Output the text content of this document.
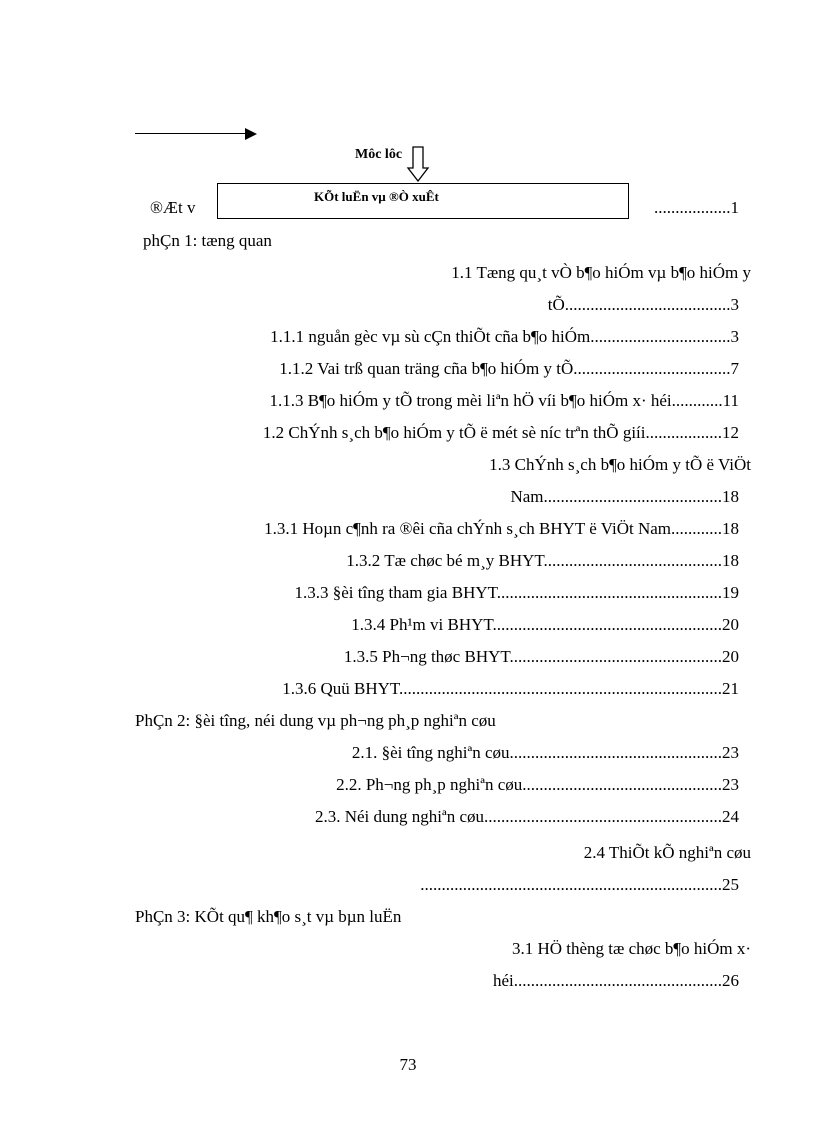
Môc lôc
®Æt v	..................1
phÇn 1: tæng quan
1.1 Tæng qu¸t vÒ b¶o hiÓm vµ b¶o hiÓm y
tÕ.......................................3
1.1.1 nguån gèc vµ sù cÇn thiÕt cña b¶o hiÓm.................................3
1.1.2 Vai trß quan träng cña b¶o hiÓm y tÕ.....................................7
1.1.3 B¶o hiÓm y tÕ trong mèi liªn hÖ víi b¶o hiÓm x· héi............11
1.2 ChÝnh s¸ch b¶o hiÓm y tÕ ë mét sè níc trªn thÕ giíi..................12
1.3 ChÝnh s¸ch b¶o hiÓm y tÕ ë ViÖt
Nam..........................................18
1.3.1 Hoµn c¶nh ra ®êi cña chÝnh s¸ch BHYT ë ViÖt Nam............18
1.3.2 Tæ chøc bé m¸y BHYT..........................................18
1.3.3 §èi tîng tham gia BHYT.....................................................19
1.3.4 Ph¹m vi BHYT......................................................20
1.3.5 Ph¬ng thøc BHYT..................................................20
1.3.6 Quü BHYT............................................................................21
PhÇn 2: §èi tîng, néi dung vµ ph¬ng ph¸p nghiªn cøu
2.1. §èi tîng nghiªn cøu..................................................23
2.2. Ph¬ng ph¸p nghiªn cøu...............................................23
2.3. Néi dung nghiªn cøu........................................................24
2.4 ThiÕt kÕ nghiªn cøu
.......................................................................25
PhÇn 3: KÕt qu¶ kh¶o s¸t vµ bµn luËn
3.1 HÖ thèng tæ chøc b¶o hiÓm x·
héi.................................................26
KÕt luËn vµ ®Ò xuÊt
73
